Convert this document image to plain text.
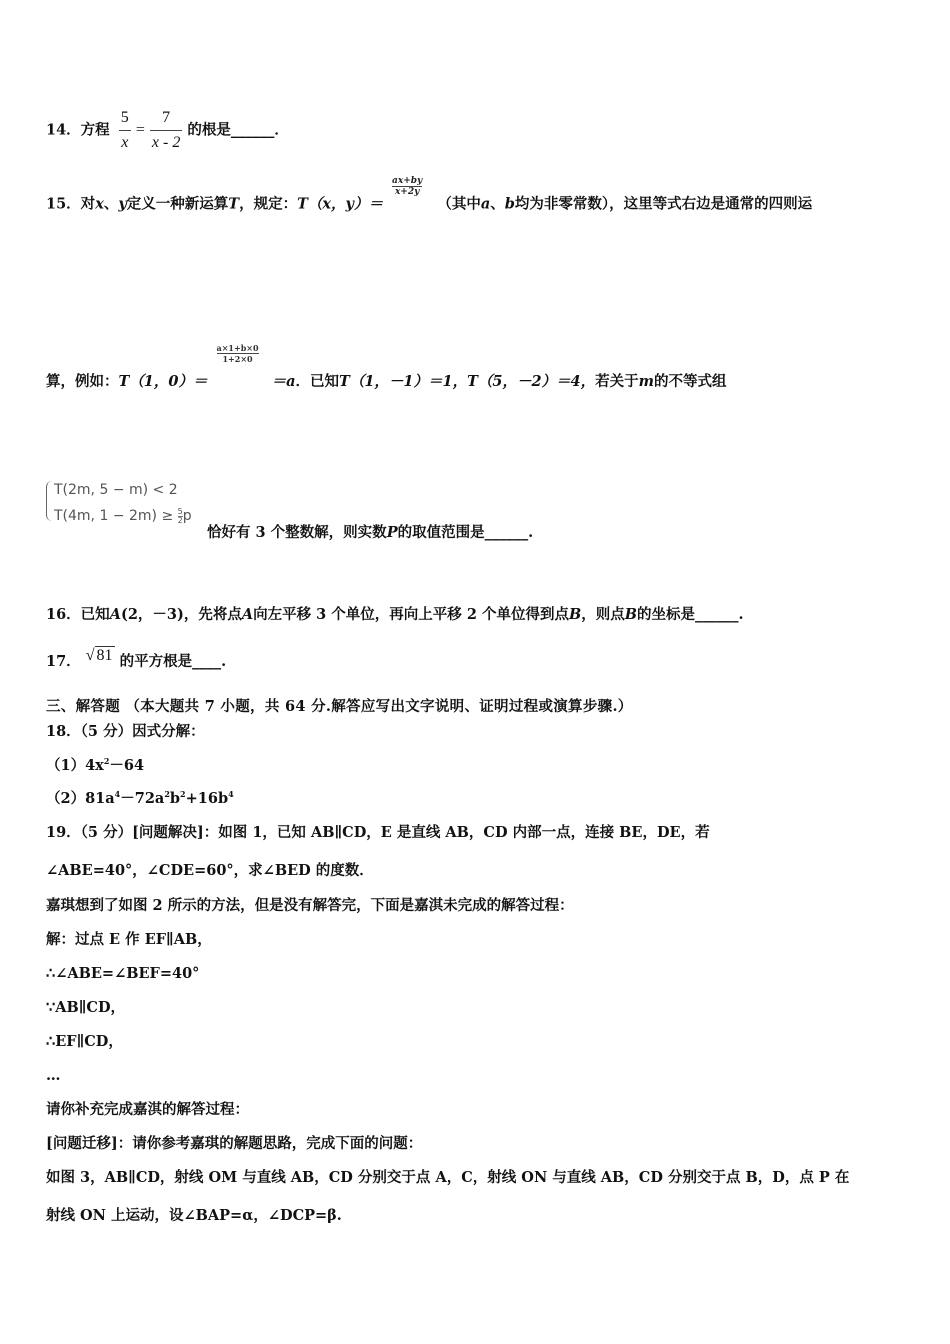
14．方程 $\frac{5}{x} = \frac{7}{x - 2}$ 的根是______．
15．对x、y定义一种新运算T，规定：T（x，y）＝
$\frac{ax+by}{x+2y}$
（其中a、b均为非零常数），这里等式右边是通常的四则运
算，例如：T（1，0）＝
$\frac{a\times 1+b\times 0}{1+2\times 0}$
＝a．已知T（1，－1）＝1，T（5，－2）＝4，若关于m的不等式组
T(2m, 5 − m) < 2
T(4m, $1 - 2m) \ge \frac{5}{2}$ p
恰好有 3 个整数解，则实数P的取值范围是______.
16．已知A(2，－3)，先将点A向左平移 3 个单位，再向上平移 2 个单位得到点B，则点B的坐标是______.
17． √ 81 的平方根是____.
三、解答题 （本大题共 7 小题，共 64 分.解答应写出文字说明、证明过程或演算步骤.）
18．（5 分）因式分解：
$(1)4x^2-64$
$(2)81a^4-72a^2b^2+16b^4$
19．（5 分）[问题解决]：如图 1，已知 AB∥CD，E 是直线 AB，CD 内部一点，连接 BE，DE，若
∠ABE=40°，∠CDE=60°，求∠BED 的度数．
嘉琪想到了如图 2 所示的方法，但是没有解答完，下面是嘉淇未完成的解答过程：
解：过点 E 作 EF∥AB，
∴∠ABE=∠BEF=40°
∵AB∥CD，
∴EF∥CD，
…
请你补充完成嘉淇的解答过程：
[问题迁移]：请你参考嘉琪的解题思路，完成下面的问题：
如图 3，AB∥CD，射线 OM 与直线 AB，CD 分别交于点 A，C，射线 ON 与直线 AB，CD 分别交于点 B，D，点 P 在
射线 ON 上运动，设∠BAP=α，∠DCP=β.
